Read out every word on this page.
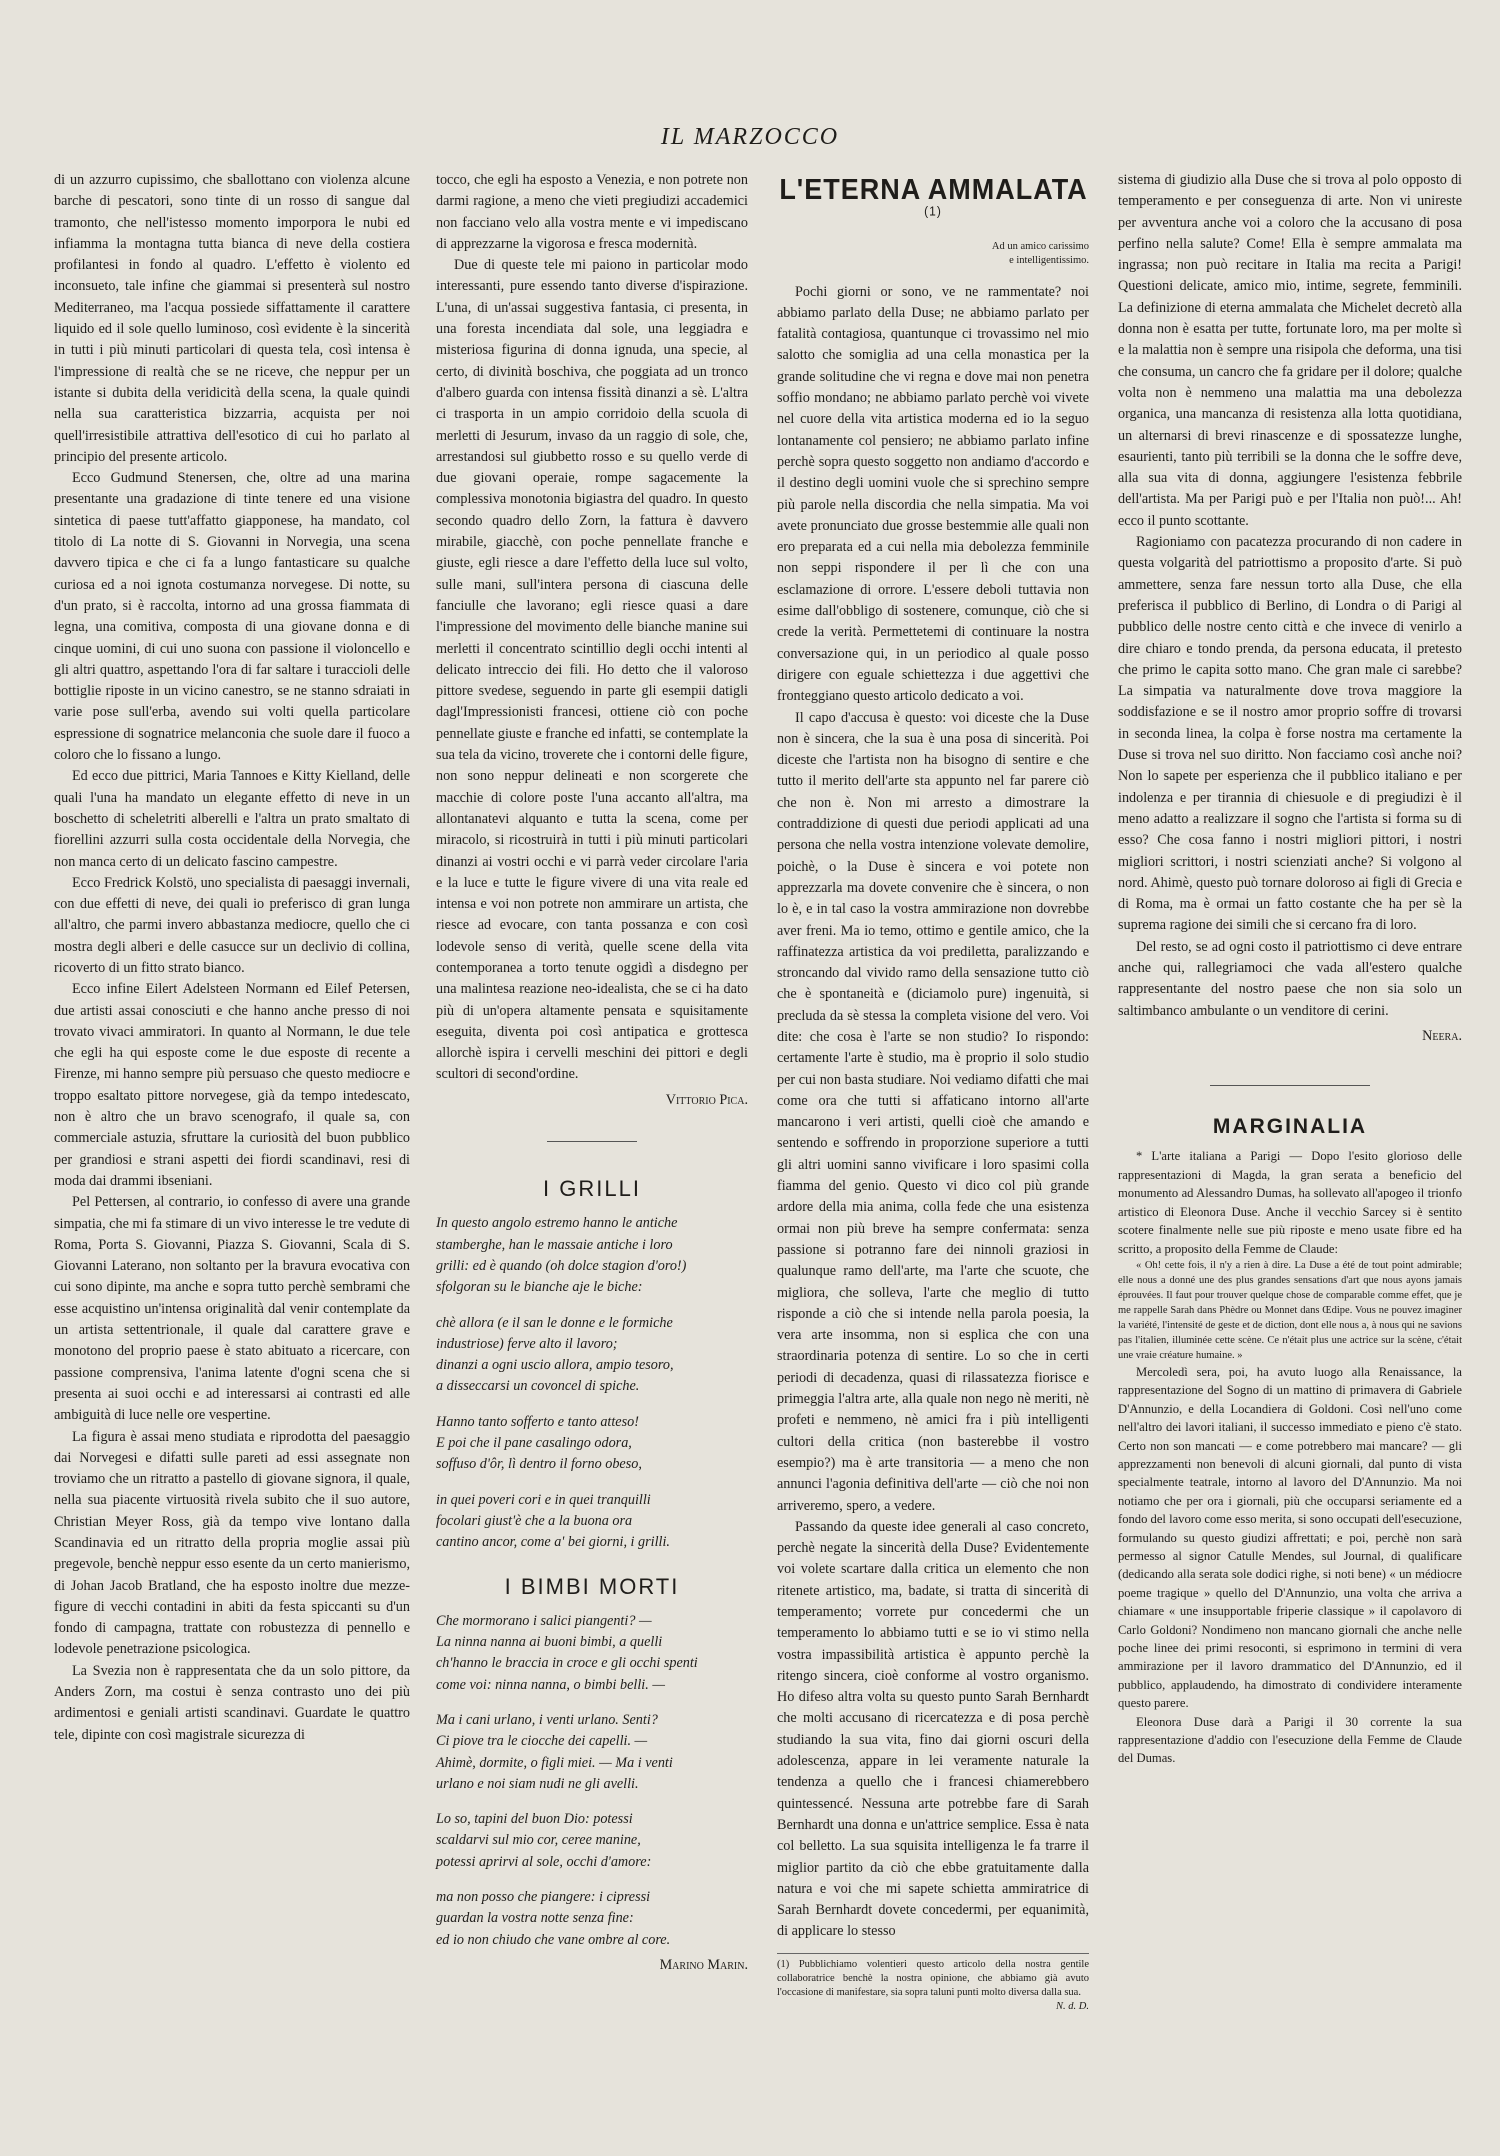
IL MARZOCCO

di un azzurro cupissimo, che sballottano con violenza alcune barche di pescatori, sono tinte di un rosso di sangue dal tramonto, che nell'istesso momento imporpora le nubi ed infiamma la montagna tutta bianca di neve della costiera profilantesi in fondo al quadro. L'effetto è violento ed inconsueto, tale infine che giammai si presenterà sul nostro Mediterraneo, ma l'acqua possiede siffattamente il carattere liquido ed il sole quello luminoso, così evidente è la sincerità in tutti i più minuti particolari di questa tela, così intensa è l'impressione di realtà che se ne riceve, che neppur per un istante si dubita della veridicità della scena, la quale quindi nella sua caratteristica bizzarria, acquista per noi quell'irresistibile attrattiva dell'esotico di cui ho parlato al principio del presente articolo.

Ecco Gudmund Stenersen, che, oltre ad una marina presentante una gradazione di tinte tenere ed una visione sintetica di paese tutt'affatto giapponese, ha mandato, col titolo di La notte di S. Giovanni in Norvegia, una scena davvero tipica e che ci fa a lungo fantasticare su qualche curiosa ed a noi ignota costumanza norvegese. Di notte, su d'un prato, si è raccolta, intorno ad una grossa fiammata di legna, una comitiva, composta di una giovane donna e di cinque uomini, di cui uno suona con passione il violoncello e gli altri quattro, aspettando l'ora di far saltare i turaccioli delle bottiglie riposte in un vicino canestro, se ne stanno sdraiati in varie pose sull'erba, avendo sui volti quella particolare espressione di sognatrice melanconia che suole dare il fuoco a coloro che lo fissano a lungo.

Ed ecco due pittrici, Maria Tannoes e Kitty Kielland, delle quali l'una ha mandato un elegante effetto di neve in un boschetto di scheletriti alberelli e l'altra un prato smaltato di fiorellini azzurri sulla costa occidentale della Norvegia, che non manca certo di un delicato fascino campestre.

Ecco Fredrick Kolstö, uno specialista di paesaggi invernali, con due effetti di neve, dei quali io preferisco di gran lunga all'altro, che parmi invero abbastanza mediocre, quello che ci mostra degli alberi e delle casucce sur un declivio di collina, ricoverto di un fitto strato bianco.

Ecco infine Eilert Adelsteen Normann ed Eilef Petersen, due artisti assai conosciuti e che hanno anche presso di noi trovato vivaci ammiratori. In quanto al Normann, le due tele che egli ha qui esposte come le due esposte di recente a Firenze, mi hanno sempre più persuaso che questo mediocre e troppo esaltato pittore norvegese, già da tempo intedescato, non è altro che un bravo scenografo, il quale sa, con commerciale astuzia, sfruttare la curiosità del buon pubblico per grandiosi e strani aspetti dei fiordi scandinavi, resi di moda dai drammi ibseniani.

Pel Pettersen, al contrario, io confesso di avere una grande simpatia, che mi fa stimare di un vivo interesse le tre vedute di Roma, Porta S. Giovanni, Piazza S. Giovanni, Scala di S. Giovanni Laterano, non soltanto per la bravura evocativa con cui sono dipinte, ma anche e sopra tutto perchè sembrami che esse acquistino un'intensa originalità dal venir contemplate da un artista settentrionale, il quale dal carattere grave e monotono del proprio paese è stato abituato a ricercare, con passione comprensiva, l'anima latente d'ogni scena che si presenta ai suoi occhi e ad interessarsi ai contrasti ed alle ambiguità di luce nelle ore vespertine.

La figura è assai meno studiata e riprodotta del paesaggio dai Norvegesi e difatti sulle pareti ad essi assegnate non troviamo che un ritratto a pastello di giovane signora, il quale, nella sua piacente virtuosità rivela subito che il suo autore, Christian Meyer Ross, già da tempo vive lontano dalla Scandinavia ed un ritratto della propria moglie assai più pregevole, benchè neppur esso esente da un certo manierismo, di Johan Jacob Bratland, che ha esposto inoltre due mezze-figure di vecchi contadini in abiti da festa spiccanti su d'un fondo di campagna, trattate con robustezza di pennello e lodevole penetrazione psicologica.

La Svezia non è rappresentata che da un solo pittore, da Anders Zorn, ma costui è senza contrasto uno dei più ardimentosi e geniali artisti scandinavi. Guardate le quattro tele, dipinte con così magistrale sicurezza di

tocco, che egli ha esposto a Venezia, e non potrete non darmi ragione, a meno che vieti pregiudizi accademici non facciano velo alla vostra mente e vi impediscano di apprezzarne la vigorosa e fresca modernità.

Due di queste tele mi paiono in particolar modo interessanti, pure essendo tanto diverse d'ispirazione. L'una, di un'assai suggestiva fantasia, ci presenta, in una foresta incendiata dal sole, una leggiadra e misteriosa figurina di donna ignuda, una specie, al certo, di divinità boschiva, che poggiata ad un tronco d'albero guarda con intensa fissità dinanzi a sè. L'altra ci trasporta in un ampio corridoio della scuola di merletti di Jesurum, invaso da un raggio di sole, che, arrestandosi sul giubbetto rosso e su quello verde di due giovani operaie, rompe sagacemente la complessiva monotonia bigiastra del quadro. In questo secondo quadro dello Zorn, la fattura è davvero mirabile, giacchè, con poche pennellate franche e giuste, egli riesce a dare l'effetto della luce sul volto, sulle mani, sull'intera persona di ciascuna delle fanciulle che lavorano; egli riesce quasi a dare l'impressione del movimento delle bianche manine sui merletti il concentrato scintillio degli occhi intenti al delicato intreccio dei fili. Ho detto che il valoroso pittore svedese, seguendo in parte gli esempii datigli dagl'Impressionisti francesi, ottiene ciò con poche pennellate giuste e franche ed infatti, se contemplate la sua tela da vicino, troverete che i contorni delle figure, non sono neppur delineati e non scorgerete che macchie di colore poste l'una accanto all'altra, ma allontanatevi alquanto e tutta la scena, come per miracolo, si ricostruirà in tutti i più minuti particolari dinanzi ai vostri occhi e vi parrà veder circolare l'aria e la luce e tutte le figure vivere di una vita reale ed intensa e voi non potrete non ammirare un artista, che riesce ad evocare, con tanta possanza e con così lodevole senso di verità, quelle scene della vita contemporanea a torto tenute oggidì a disdegno per una malintesa reazione neo-idealista, che se ci ha dato più di un'opera altamente pensata e squisitamente eseguita, diventa poi così antipatica e grottesca allorchè ispira i cervelli meschini dei pittori e degli scultori di second'ordine.

Vittorio Pica.
I GRILLI
In questo angolo estremo hanno le antiche
stamberghe, han le massaie antiche i loro
grilli: ed è quando (oh dolce stagion d'oro!)
sfolgoran su le bianche aje le biche:
chè allora (e il san le donne e le formiche
industriose) ferve alto il lavoro;
dinanzi a ogni uscio allora, ampio tesoro,
a disseccarsi un covoncel di spiche.
Hanno tanto sofferto e tanto atteso!
E poi che il pane casalingo odora,
soffuso d'ôr, lì dentro il forno obeso,
in quei poveri cori e in quei tranquilli
focolari giust'è che a la buona ora
cantino ancor, come a' bei giorni, i grilli.
I BIMBI MORTI
Che mormorano i salici piangenti? —
La ninna nanna ai buoni bimbi, a quelli
ch'hanno le braccia in croce e gli occhi spenti
come voi: ninna nanna, o bimbi belli. —
Ma i cani urlano, i venti urlano. Senti?
Ci piove tra le ciocche dei capelli. —
Ahimè, dormite, o figli miei. — Ma i venti
urlano e noi siam nudi ne gli avelli.
Lo so, tapini del buon Dio: potessi
scaldarvi sul mio cor, ceree manine,
potessi aprirvi al sole, occhi d'amore:
ma non posso che piangere: i cipressi
guardan la vostra notte senza fine:
ed io non chiudo che vane ombre al core.
Marino Marin.
L'ETERNA AMMALATA $^{(1)}$
Ad un amico carissimo
e intelligentissimo.

Pochi giorni or sono, ve ne rammentate? noi abbiamo parlato della Duse; ne abbiamo parlato per fatalità contagiosa, quantunque ci trovassimo nel mio salotto che somiglia ad una cella monastica per la grande solitudine che vi regna e dove mai non penetra soffio mondano; ne abbiamo parlato perchè voi vivete nel cuore della vita artistica moderna ed io la seguo lontanamente col pensiero; ne abbiamo parlato infine perchè sopra questo soggetto non andiamo d'accordo e il destino degli uomini vuole che si sprechino sempre più parole nella discordia che nella simpatia. Ma voi avete pronunciato due grosse bestemmie alle quali non ero preparata ed a cui nella mia debolezza femminile non seppi rispondere il per lì che con una esclamazione di orrore. L'essere deboli tuttavia non esime dall'obbligo di sostenere, comunque, ciò che si crede la verità. Permettetemi di continuare la nostra conversazione qui, in un periodico al quale posso dirigere con eguale schiettezza i due aggettivi che fronteggiano questo articolo dedicato a voi.

Il capo d'accusa è questo: voi diceste che la Duse non è sincera, che la sua è una posa di sincerità. Poi diceste che l'artista non ha bisogno di sentire e che tutto il merito dell'arte sta appunto nel far parere ciò che non è. Non mi arresto a dimostrare la contraddizione di questi due periodi applicati ad una persona che nella vostra intenzione volevate demolire, poichè, o la Duse è sincera e voi potete non apprezzarla ma dovete convenire che è sincera, o non lo è, e in tal caso la vostra ammirazione non dovrebbe aver freni. Ma io temo, ottimo e gentile amico, che la raffinatezza artistica da voi prediletta, paralizzando e stroncando dal vivido ramo della sensazione tutto ciò che è spontaneità e (diciamolo pure) ingenuità, si precluda da sè stessa la completa visione del vero. Voi dite: che cosa è l'arte se non studio? Io rispondo: certamente l'arte è studio, ma è proprio il solo studio per cui non basta studiare. Noi vediamo difatti che mai come ora che tutti si affaticano intorno all'arte mancarono i veri artisti, quelli cioè che amando e sentendo e soffrendo in proporzione superiore a tutti gli altri uomini sanno vivificare i loro spasimi colla fiamma del genio. Questo vi dico col più grande ardore della mia anima, colla fede che una esistenza ormai non più breve ha sempre confermata: senza passione si potranno fare dei ninnoli graziosi in qualunque ramo dell'arte, ma l'arte che scuote, che migliora, che solleva, l'arte che meglio di tutto risponde a ciò che si intende nella parola poesia, la vera arte insomma, non si esplica che con una straordinaria potenza di sentire. Lo so che in certi periodi di decadenza, quasi di rilassatezza fiorisce e primeggia l'altra arte, alla quale non nego nè meriti, nè profeti e nemmeno, nè amici fra i più intelligenti cultori della critica (non basterebbe il vostro esempio?) ma è arte transitoria — a meno che non annunci l'agonia definitiva dell'arte — ciò che noi non arriveremo, spero, a vedere.

Passando da queste idee generali al caso concreto, perchè negate la sincerità della Duse? Evidentemente voi volete scartare dalla critica un elemento che non ritenete artistico, ma, badate, si tratta di sincerità di temperamento; vorrete pur concedermi che un temperamento lo abbiamo tutti e se io vi stimo nella vostra impassibilità artistica è appunto perchè la ritengo sincera, cioè conforme al vostro organismo. Ho difeso altra volta su questo punto Sarah Bernhardt che molti accusano di ricercatezza e di posa perchè studiando la sua vita, fino dai giorni oscuri della adolescenza, appare in lei veramente naturale la tendenza a quello che i francesi chiamerebbero quintessencé. Nessuna arte potrebbe fare di Sarah Bernhardt una donna e un'attrice semplice. Essa è nata col belletto. La sua squisita intelligenza le fa trarre il miglior partito da ciò che ebbe gratuitamente dalla natura e voi che mi sapete schietta ammiratrice di Sarah Bernhardt dovete concedermi, per equanimità, di applicare lo stesso

(1) Pubblichiamo volentieri questo articolo della nostra gentile collaboratrice benchè la nostra opinione, che abbiamo già avuto l'occasione di manifestare, sia sopra taluni punti molto diversa dalla sua.
N. d. D.

sistema di giudizio alla Duse che si trova al polo opposto di temperamento e per conseguenza di arte. Non vi unireste per avventura anche voi a coloro che la accusano di posa perfino nella salute? Come! Ella è sempre ammalata ma ingrassa; non può recitare in Italia ma recita a Parigi! Questioni delicate, amico mio, intime, segrete, femminili. La definizione di eterna ammalata che Michelet decretò alla donna non è esatta per tutte, fortunate loro, ma per molte sì e la malattia non è sempre una risipola che deforma, una tisi che consuma, un cancro che fa gridare per il dolore; qualche volta non è nemmeno una malattia ma una debolezza organica, una mancanza di resistenza alla lotta quotidiana, un alternarsi di brevi rinascenze e di spossatezze lunghe, esaurienti, tanto più terribili se la donna che le soffre deve, alla sua vita di donna, aggiungere l'esistenza febbrile dell'artista. Ma per Parigi può e per l'Italia non può!... Ah! ecco il punto scottante.

Ragioniamo con pacatezza procurando di non cadere in questa volgarità del patriottismo a proposito d'arte. Si può ammettere, senza fare nessun torto alla Duse, che ella preferisca il pubblico di Berlino, di Londra o di Parigi al pubblico delle nostre cento città e che invece di venirlo a dire chiaro e tondo prenda, da persona educata, il pretesto che primo le capita sotto mano. Che gran male ci sarebbe? La simpatia va naturalmente dove trova maggiore la soddisfazione e se il nostro amor proprio soffre di trovarsi in seconda linea, la colpa è forse nostra ma certamente la Duse si trova nel suo diritto. Non facciamo così anche noi? Non lo sapete per esperienza che il pubblico italiano e per indolenza e per tirannia di chiesuole e di pregiudizi è il meno adatto a realizzare il sogno che l'artista si forma su di esso? Che cosa fanno i nostri migliori pittori, i nostri migliori scrittori, i nostri scienziati anche? Si volgono al nord. Ahimè, questo può tornare doloroso ai figli di Grecia e di Roma, ma è ormai un fatto costante che ha per sè la suprema ragione dei simili che si cercano fra di loro.

Del resto, se ad ogni costo il patriottismo ci deve entrare anche qui, rallegriamoci che vada all'estero qualche rappresentante del nostro paese che non sia solo un saltimbanco ambulante o un venditore di cerini.

Neera.
MARGINALIA

* L'arte italiana a Parigi — Dopo l'esito glorioso delle rappresentazioni di Magda, la gran serata a beneficio del monumento ad Alessandro Dumas, ha sollevato all'apogeo il trionfo artistico di Eleonora Duse. Anche il vecchio Sarcey si è sentito scotere finalmente nelle sue più riposte e meno usate fibre ed ha scritto, a proposito della Femme de Claude:

« Oh! cette fois, il n'y a rien à dire. La Duse a été de tout point admirable; elle nous a donné une des plus grandes sensations d'art que nous ayons jamais éprouvées. Il faut pour trouver quelque chose de comparable comme effet, que je me rappelle Sarah dans Phèdre ou Monnet dans Œdipe. Vous ne pouvez imaginer la variété, l'intensité de geste et de diction, dont elle nous a, à nous qui ne savions pas l'italien, illuminée cette scène. Ce n'était plus une actrice sur la scène, c'était une vraie créature humaine. »

Mercoledì sera, poi, ha avuto luogo alla Renaissance, la rappresentazione del Sogno di un mattino di primavera di Gabriele D'Annunzio, e della Locandiera di Goldoni. Così nell'uno come nell'altro dei lavori italiani, il successo immediato e pieno c'è stato. Certo non son mancati — e come potrebbero mai mancare? — gli apprezzamenti non benevoli di alcuni giornali, dal punto di vista specialmente teatrale, intorno al lavoro del D'Annunzio. Ma noi notiamo che per ora i giornali, più che occuparsi seriamente ed a fondo del lavoro come esso merita, si sono occupati dell'esecuzione, formulando su questo giudizi affrettati; e poi, perchè non sarà permesso al signor Catulle Mendes, sul Journal, di qualificare (dedicando alla serata sole dodici righe, si noti bene) « un médiocre poeme tragique » quello del D'Annunzio, una volta che arriva a chiamare « une insupportable friperie classique » il capolavoro di Carlo Goldoni? Nondimeno non mancano giornali che anche nelle poche linee dei primi resoconti, si esprimono in termini di vera ammirazione per il lavoro drammatico del D'Annunzio, ed il pubblico, applaudendo, ha dimostrato di condividere interamente questo parere.

Eleonora Duse darà a Parigi il 30 corrente la sua rappresentazione d'addio con l'esecuzione della Femme de Claude del Dumas.
